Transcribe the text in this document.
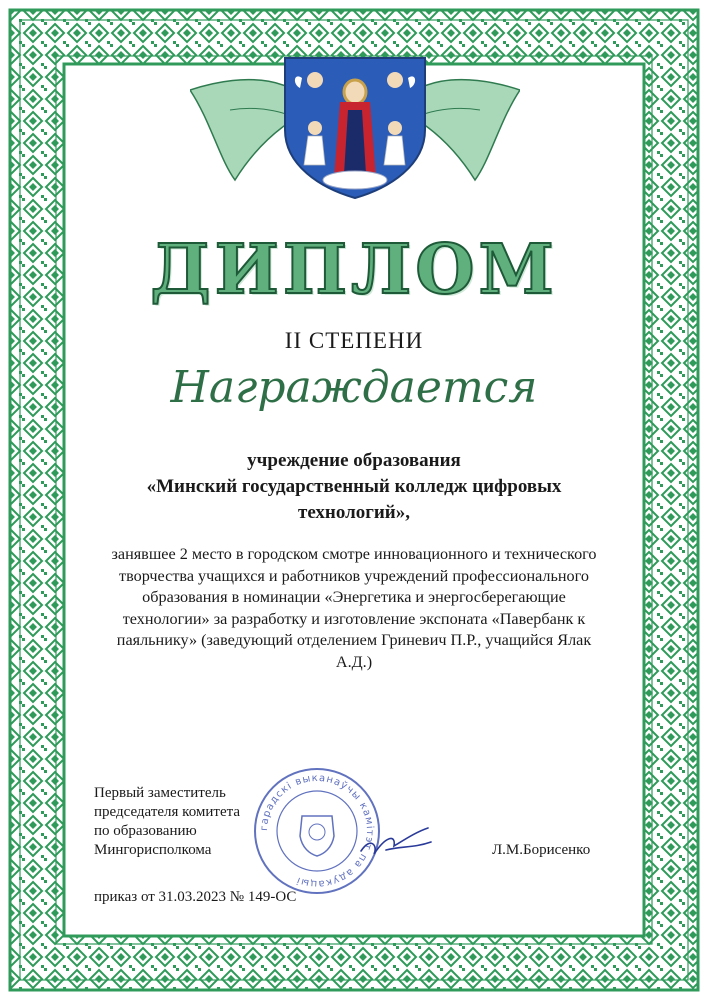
ДИПЛОМ
II СТЕПЕНИ
Награждается
учреждение образования
«Минский государственный колледж цифровых
технологий»,
занявшее 2 место в городском смотре инновационного и технического творчества учащихся и работников учреждений профессионального образования в номинации «Энергетика и энергосберегающие технологии» за разработку и изготовление экспоната «Павербанк к паяльнику» (заведующий отделением Гриневич П.Р., учащийся Ялак А.Д.)
гарадскі выканаўчы камітэт па адукацыі
Первый заместитель
председателя комитета
по образованию
Мингорисполкома	Л.М.Борисенко
приказ от 31.03.2023 № 149-ОС
